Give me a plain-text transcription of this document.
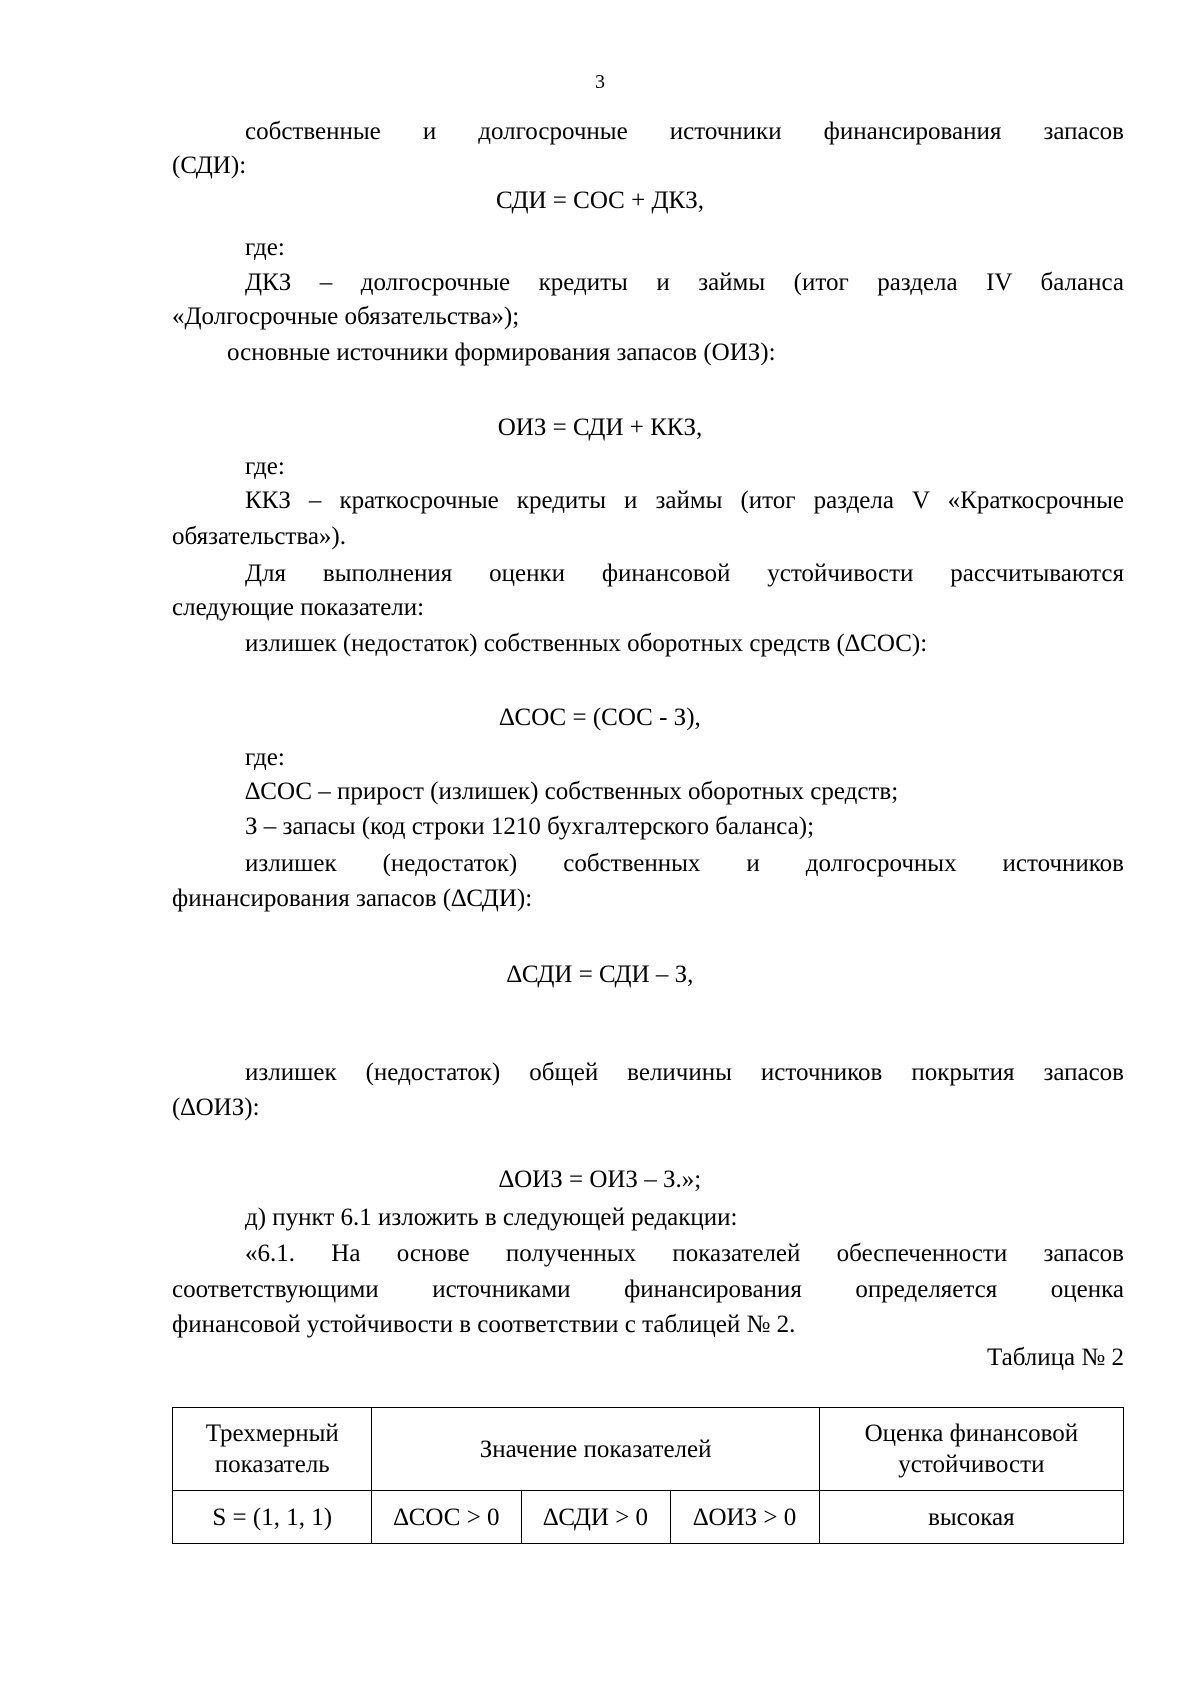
3
собственные и долгосрочные источники финансирования запасов
(СДИ):
СДИ = СОС + ДКЗ,
где:
ДКЗ – долгосрочные кредиты и займы (итог раздела IV баланса
«Долгосрочные обязательства»);
основные источники формирования запасов (ОИЗ):
ОИЗ = СДИ + ККЗ,
где:
ККЗ – краткосрочные кредиты и займы (итог раздела V «Краткосрочные
обязательства»).
Для выполнения оценки финансовой устойчивости рассчитываются
следующие показатели:
излишек (недостаток) собственных оборотных средств (∆СОС):
∆СОС = (СОС - З),
где:
∆СОС – прирост (излишек) собственных оборотных средств;
З – запасы (код строки 1210 бухгалтерского баланса);
излишек (недостаток) собственных и долгосрочных источников
финансирования запасов (∆СДИ):
∆СДИ = СДИ – З,
излишек (недостаток) общей величины источников покрытия запасов
(∆ОИЗ):
∆ОИЗ = ОИЗ – З.»;
д) пункт 6.1 изложить в следующей редакции:
«6.1. На основе полученных показателей обеспеченности запасов
соответствующими источниками финансирования определяется оценка
финансовой устойчивости в соответствии с таблицей № 2.
Таблица № 2
Трехмерный
показатель	Значение показателей			Оценка финансовой
устойчивости
S = (1, 1, 1)	∆СОС > 0	∆СДИ > 0	∆ОИЗ > 0	высокая
